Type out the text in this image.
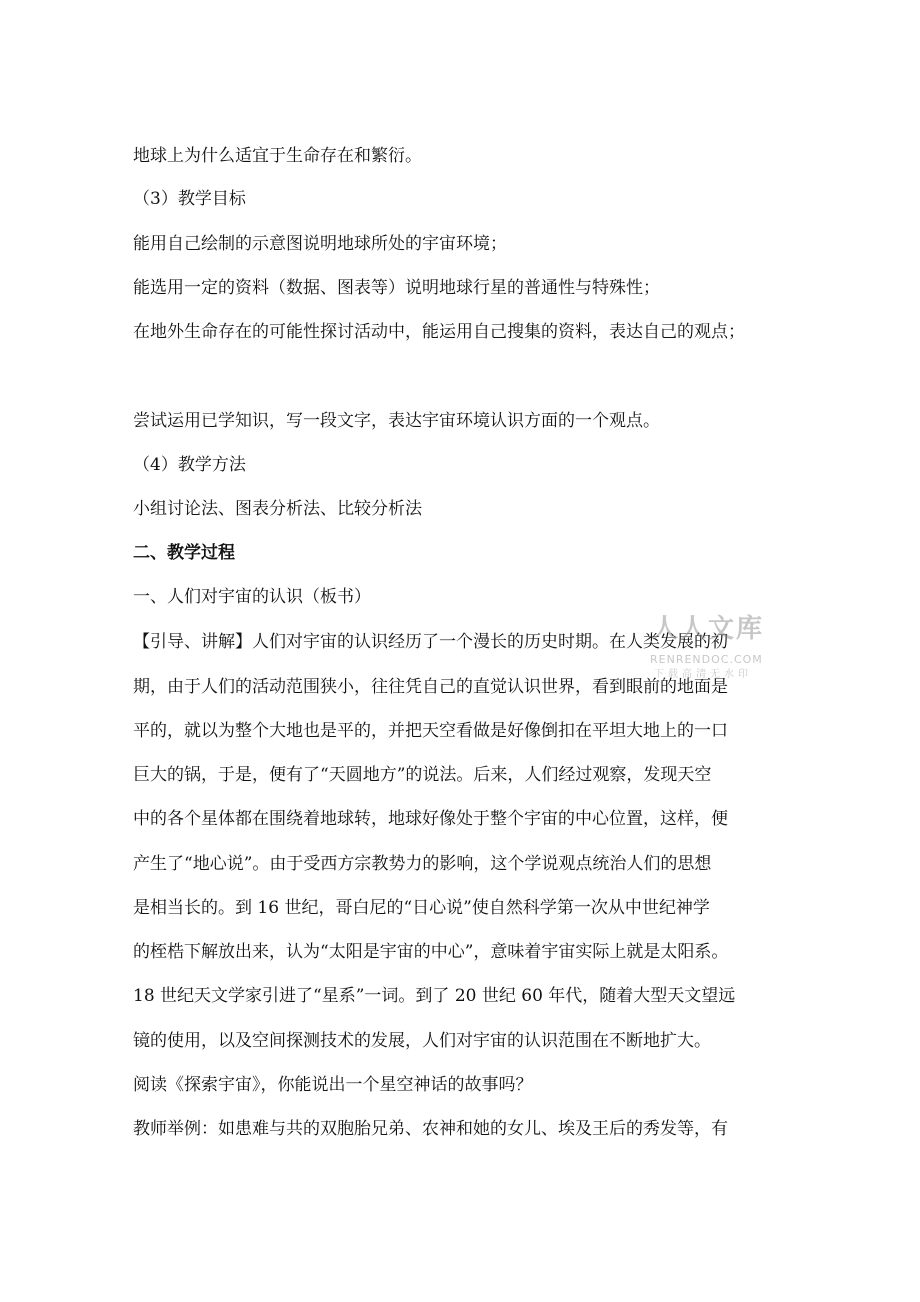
地球上为什么适宜于生命存在和繁衍。
（3）教学目标
能用自己绘制的示意图说明地球所处的宇宙环境；
能选用一定的资料（数据、图表等）说明地球行星的普通性与特殊性；
在地外生命存在的可能性探讨活动中，能运用自己搜集的资料，表达自己的观点；
尝试运用已学知识，写一段文字，表达宇宙环境认识方面的一个观点。
（4）教学方法
小组讨论法、图表分析法、比较分析法
二、教学过程
一、人们对宇宙的认识（板书）
【引导、讲解】人们对宇宙的认识经历了一个漫长的历史时期。在人类发展的初
期，由于人们的活动范围狭小，往往凭自己的直觉认识世界，看到眼前的地面是
平的，就以为整个大地也是平的，并把天空看做是好像倒扣在平坦大地上的一口
巨大的锅，于是，便有了“天圆地方”的说法。后来，人们经过观察，发现天空
中的各个星体都在围绕着地球转，地球好像处于整个宇宙的中心位置，这样，便
产生了“地心说”。由于受西方宗教势力的影响，这个学说观点统治人们的思想
是相当长的。到 16 世纪，哥白尼的“日心说”使自然科学第一次从中世纪神学
的桎梏下解放出来，认为“太阳是宇宙的中心”，意味着宇宙实际上就是太阳系。
18 世纪天文学家引进了“星系”一词。到了 20 世纪 60 年代，随着大型天文望远
镜的使用，以及空间探测技术的发展，人们对宇宙的认识范围在不断地扩大。
阅读《探索宇宙》，你能说出一个星空神话的故事吗？
教师举例：如患难与共的双胞胎兄弟、农神和她的女儿、埃及王后的秀发等，有
人人文库
RENRENDOC.COM
下载高清无水印
